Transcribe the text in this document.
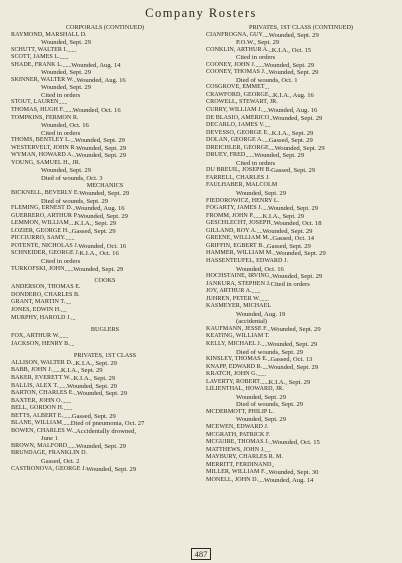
Company Rosters
CORPORALS (CONTINUED)
RAYMOND, MARSHALL D.
Wounded, Sept. 29
SCHUTT, WALTER I. ......
SCOTT, JAMES L. ......
SHADE, FRANK L. ...... Wounded, Aug. 14
Wounded, Sept. 29
SKINNER, WALTER W. .. Wounded, Aug. 16
Wounded, Sept. 29
Cited in orders
STOUT, LAUREN ......
THOMAS, HUGH F. ...... Wounded, Oct. 16
TOMPKINS, FERMON R.
Wounded, Oct. 16
Cited in orders
THOMS, BENTLEY L. ... Wounded, Sept. 29
WESTERVELT, JOHN R. Wounded, Sept. 29
WYMAN, HOWARD A. .. Wounded, Sept. 29
YOUNG, SAMUEL H., JR.
Wounded, Sept. 29
Died of wounds, Oct. 3
MECHANICS
BICKNELL, BEVERLY E. Wounded, Sept. 29
Died of wounds, Sept. 29
FLEMING, ERNEST D. .. Wounded, Aug. 16
GUERRERO, ARTHUR P. Wounded, Sept. 29
LEMMON, WILLIAM .... K.I.A., Sept. 29
LOZIER, GEORGE H. .. Gassed, Sept. 29
PICCIURRO, SAMY. ......
POTENTE, NICHOLAS J. Wounded, Oct. 16
SCHNEIDER, GEORGE J. K.I.A., Oct. 16
Cited in orders
TURKOFSKI, JOHN ...... Wounded, Sept. 29
COOKS
ANDERSON, THOMAS E.
DONDERO, CHARLES B.
GRANT, MARTIN T. ....
JONES, EDWIN H. ....
MURPHY, HAROLD J. ...
BUGLERS
FOX, ARTHUR W. ......
JACKSON, HENRY B. ...
PRIVATES, 1ST CLASS
ALLISON, WALTER D. .. K.I.A., Sept. 29
BABB, JOHN J. ...... K.I.A., Sept. 29
BAKER, EVERETT W. .. K.I.A., Sept. 29
BALLIS, ALEX T. ...... Wounded, Sept. 29
BARTON, CHARLES E. .. Wounded, Sept. 29
BAXTER, JOHN O. ......
BELL, GORDON H. ......
BETTS, ALBERT E. ...... Gassed, Sept. 29
BLANE, WILLIAM ...... Died of pneumonia, Oct. 27
BOWEN, CHARLES W. .. Accidentally drowned,
June 1
BROWN, MALFORD ...... Wounded, Sept. 29
BRUNDAGE, FRANKLIN D.
Gassed, Oct. 2
CASTRONOVA, GEORGE J. Wounded, Sept. 29
PRIVATES, 1ST CLASS (CONTINUED)
CIANFROGNA, GUY .... Wounded, Sept. 29
P.O.W., Sept. 29
CONKLIN, ARTHUR A. .. K.I.A., Oct. 15
Cited in orders
COONEY, JOHN J. ...... Wounded, Sept. 29
COONEY, THOMAS J. .. Wounded, Sept. 29
Died of wounds, Oct. 1
COSGROVE, EMMET ...
CRAWFORD, GEORGE ... K.I.A., Aug. 16
CROWELL, STEWART, JR.
CURRY, WILLIAM J. .... Wounded, Aug. 16
DE BLASIO, AMERICO .. Wounded, Sept. 29
DECARLO, JAMES V. ....
DEVESSO, GEORGE E. .. K.I.A., Sept. 29
DOLAN, GEORGE A. .... Gassed, Sept. 29
DREICHLER, GEORGE .... Wounded, Sept. 29
DRUEY, FRED ...... Wounded, Sept. 29
Cited in orders
DU BREUIL, JOSEPH B. Gassed, Sept. 29
FARRELL, CHARLES J.
FAULHABER, MALCOLM
Wounded, Sept. 29
FIEDOROWICZ, HENRY L.
FOGARTY, JAMES J. .... Wounded, Sept. 29
FROMM, JOHN P. ...... K.I.A., Sept. 29
GESCHLECHT, JOSEPH .. Wounded, Oct. 18
GILLAND, ROY A. .... Wounded, Sept. 29
GREENE, WILLIAM M. .. Gassed, Oct. 14
GRIFFIN, EGBERT B. .. Gassed, Sept. 29
HAMMER, WILLIAM M. .. Wounded, Sept. 29
HASSENTEUFEL, EDWARD J.
Wounded, Oct. 16
HOCHSTAINE, IRVING .. Wounded, Sept. 29
JANKURA, STEPHEN J. Cited in orders
JOY, ARTHUR A. ......
JUHREN, PETER W. ......
KASMEYER, MICHAEL
Wounded, Aug. 19
(accidental)
KAUFMANN, JESSE F. .. Wounded, Sept. 29
KEATING, WILLIAM T.
KELLY, MICHAEL J. .... Wounded, Sept. 29
Died of wounds, Sept. 29
KINSLEY, THOMAS E. .. Gassed, Oct. 13
KNAPP, EDWARD R. .... Wounded, Sept. 29
KRATCH, JOHN G. ......
LAVERTY, ROBERT ...... K.I.A., Sept. 29
LILIENTHAL, HOWARD, JR.
Wounded, Sept. 29
Died of wounds, Sept. 29
MCDERMOTT, PHILIP L.
Wounded, Sept. 29
MCEWEN, EDWARD J.
MCGRATH, PATRICK F.
MCGUIRE, THOMAS J. .. Wounded, Oct. 15
MATTHEWS, JOHN J. ....
MAYBURY, CHARLES R. M.
MERRITT, FERDINAND ..
MILLER, WILLIAM F. .. Wounded, Sept. 30
MONELL, JOHN D. .... Wounded, Aug. 14
487
